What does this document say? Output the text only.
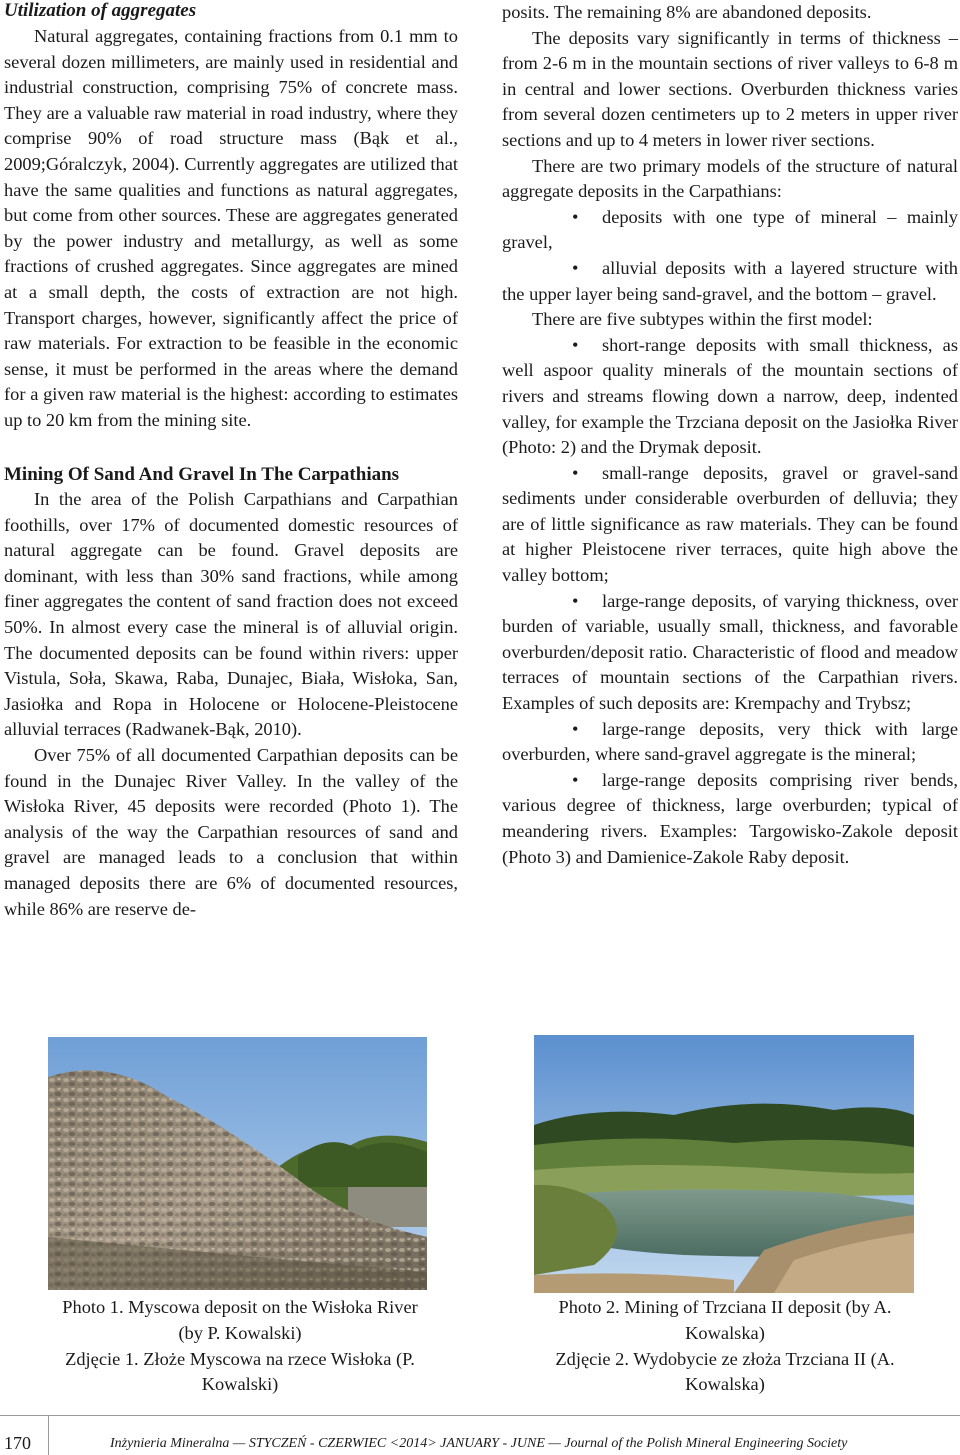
Utilization of aggregates

Natural aggregates, containing fractions from 0.1 mm to several dozen millimeters, are mainly used in residential and industrial construction, comprising 75% of concrete mass. They are a valuable raw material in road industry, where they comprise 90% of road structure mass (Bąk et al., 2009;Góralczyk, 2004). Currently aggregates are utilized that have the same qualities and functions as natural aggregates, but come from other sources. These are aggregates generated by the power industry and metallurgy, as well as some fractions of crushed aggregates. Since aggregates are mined at a small depth, the costs of extraction are not high. Transport charges, however, significantly affect the price of raw materials. For extraction to be feasible in the economic sense, it must be performed in the areas where the demand for a given raw material is the highest: according to estimates up to 20 km from the mining site.

Mining Of Sand And Gravel In The Carpathians

In the area of the Polish Carpathians and Carpathian foothills, over 17% of documented domestic resources of natural aggregate can be found. Gravel deposits are dominant, with less than 30% sand fractions, while among finer aggregates the content of sand fraction does not exceed 50%. In almost every case the mineral is of alluvial origin. The documented deposits can be found within rivers: upper Vistula, Soła, Skawa, Raba, Dunajec, Biała, Wisłoka, San, Jasiołka and Ropa in Holocene or Holocene-Pleistocene alluvial terraces (Radwanek-Bąk, 2010).

Over 75% of all documented Carpathian deposits can be found in the Dunajec River Valley. In the valley of the Wisłoka River, 45 deposits were recorded (Photo 1). The analysis of the way the Carpathian resources of sand and gravel are managed leads to a conclusion that within managed deposits there are 6% of documented resources, while 86% are reserve de-

posits. The remaining 8% are abandoned deposits.

The deposits vary significantly in terms of thickness – from 2-6 m in the mountain sections of river valleys to 6-8 m in central and lower sections. Overburden thickness varies from several dozen centimeters up to 2 meters in upper river sections and up to 4 meters in lower river sections.

There are two primary models of the structure of natural aggregate deposits in the Carpathians:

• deposits with one type of mineral – mainly gravel,

• alluvial deposits with a layered structure with the upper layer being sand-gravel, and the bottom – gravel.

There are five subtypes within the first model:

• short-range deposits with small thickness, as well aspoor quality minerals of the mountain sections of rivers and streams flowing down a narrow, deep, indented valley, for example the Trzciana deposit on the Jasiołka River (Photo: 2) and the Drymak deposit.

• small-range deposits, gravel or gravel-sand sediments under considerable overburden of delluvia; they are of little significance as raw materials. They can be found at higher Pleistocene river terraces, quite high above the valley bottom;

• large-range deposits, of varying thickness, over burden of variable, usually small, thickness, and favorable overburden/deposit ratio. Characteristic of flood and meadow terraces of mountain sections of the Carpathian rivers. Examples of such deposits are: Krempachy and Trybsz;

• large-range deposits, very thick with large overburden, where sand-gravel aggregate is the mineral;

• large-range deposits comprising river bends, various degree of thickness, large overburden; typical of meandering rivers. Examples: Targowisko-Zakole deposit (Photo 3) and Damienice-Zakole Raby deposit.

Photo 1. Myscowa deposit on the Wisłoka River (by P. Kowalski)
Zdjęcie 1. Złoże Myscowa na rzece Wisłoka (P. Kowalski)
Photo 2. Mining of Trzciana II deposit (by A. Kowalska)
Zdjęcie 2. Wydobycie ze złoża Trzciana II (A. Kowalska)
170	Inżynieria Mineralna — STYCZEŃ - CZERWIEC <2014> JANUARY - JUNE — Journal of the Polish Mineral Engineering Society
